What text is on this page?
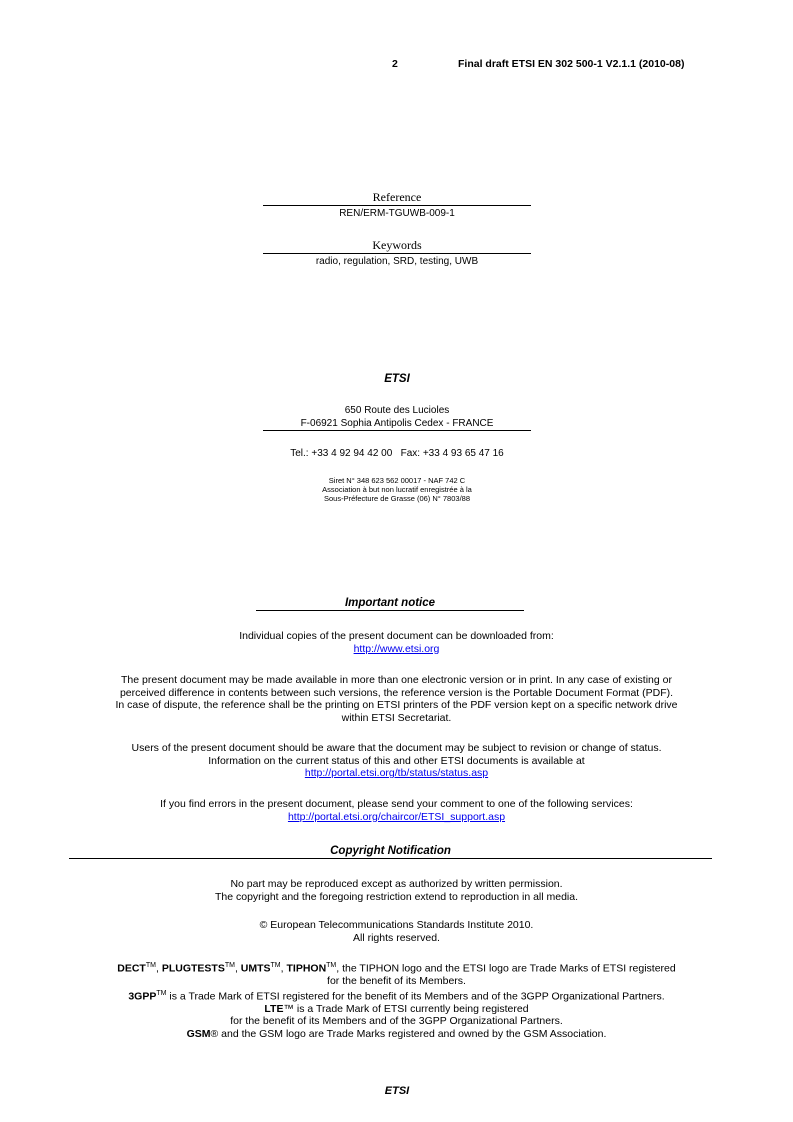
2	Final draft ETSI EN 302 500-1 V2.1.1 (2010-08)
Reference
REN/ERM-TGUWB-009-1
Keywords
radio, regulation, SRD, testing, UWB
ETSI
650 Route des Lucioles
F-06921 Sophia Antipolis Cedex - FRANCE
Tel.: +33 4 92 94 42 00   Fax: +33 4 93 65 47 16
Siret N° 348 623 562 00017 - NAF 742 C
Association à but non lucratif enregistrée à la
Sous-Préfecture de Grasse (06) N° 7803/88
Important notice
Individual copies of the present document can be downloaded from:
http://www.etsi.org
The present document may be made available in more than one electronic version or in print. In any case of existing or
perceived difference in contents between such versions, the reference version is the Portable Document Format (PDF).
In case of dispute, the reference shall be the printing on ETSI printers of the PDF version kept on a specific network drive
within ETSI Secretariat.
Users of the present document should be aware that the document may be subject to revision or change of status.
Information on the current status of this and other ETSI documents is available at
http://portal.etsi.org/tb/status/status.asp
If you find errors in the present document, please send your comment to one of the following services:
http://portal.etsi.org/chaircor/ETSI_support.asp
Copyright Notification
No part may be reproduced except as authorized by written permission.
The copyright and the foregoing restriction extend to reproduction in all media.
© European Telecommunications Standards Institute 2010.
All rights reserved.
DECT™, PLUGTESTS™, UMTS™, TIPHON™, the TIPHON logo and the ETSI logo are Trade Marks of ETSI registered
for the benefit of its Members.
3GPP™ is a Trade Mark of ETSI registered for the benefit of its Members and of the 3GPP Organizational Partners.
LTE™ is a Trade Mark of ETSI currently being registered
for the benefit of its Members and of the 3GPP Organizational Partners.
GSM® and the GSM logo are Trade Marks registered and owned by the GSM Association.
ETSI
